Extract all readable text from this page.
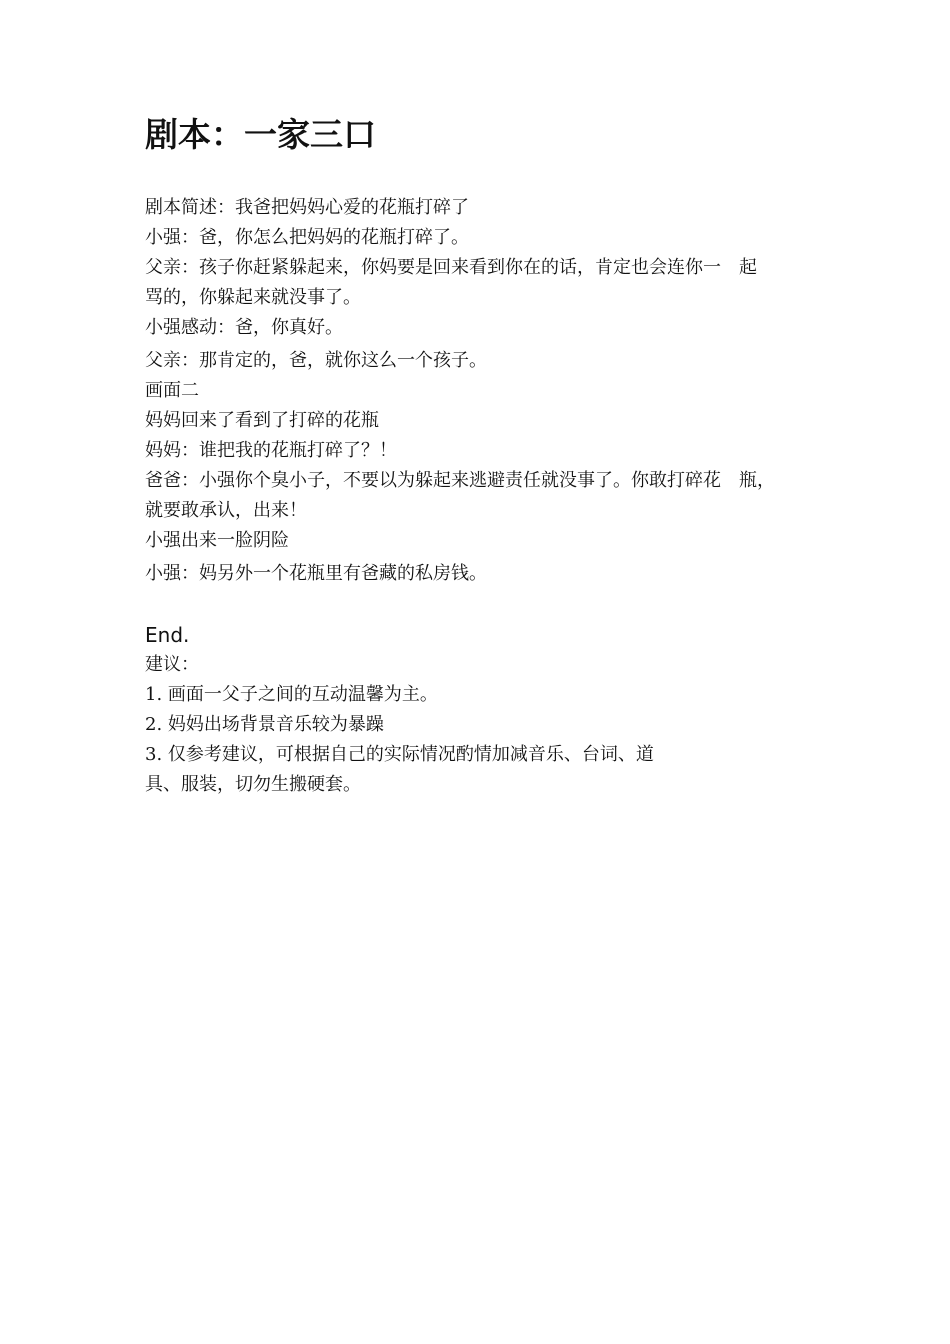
剧本：一家三口
剧本简述：我爸把妈妈心爱的花瓶打碎了
小强：爸，你怎么把妈妈的花瓶打碎了。
父亲：孩子你赶紧躲起来，你妈要是回来看到你在的话，肯定也会连你一　起
骂的，你躲起来就没事了。
小强感动：爸，你真好。
父亲：那肯定的，爸，就你这么一个孩子。
画面二
妈妈回来了看到了打碎的花瓶
妈妈：谁把我的花瓶打碎了？！
爸爸：小强你个臭小子，不要以为躲起来逃避责任就没事了。你敢打碎花　瓶，
就要敢承认，出来！
小强出来一脸阴险
小强：妈另外一个花瓶里有爸藏的私房钱。
End.
建议：
1. 画面一父子之间的互动温馨为主。
2. 妈妈出场背景音乐较为暴躁
3. 仅参考建议，可根据自己的实际情况酌情加减音乐、台词、道
具、服装，切勿生搬硬套。
